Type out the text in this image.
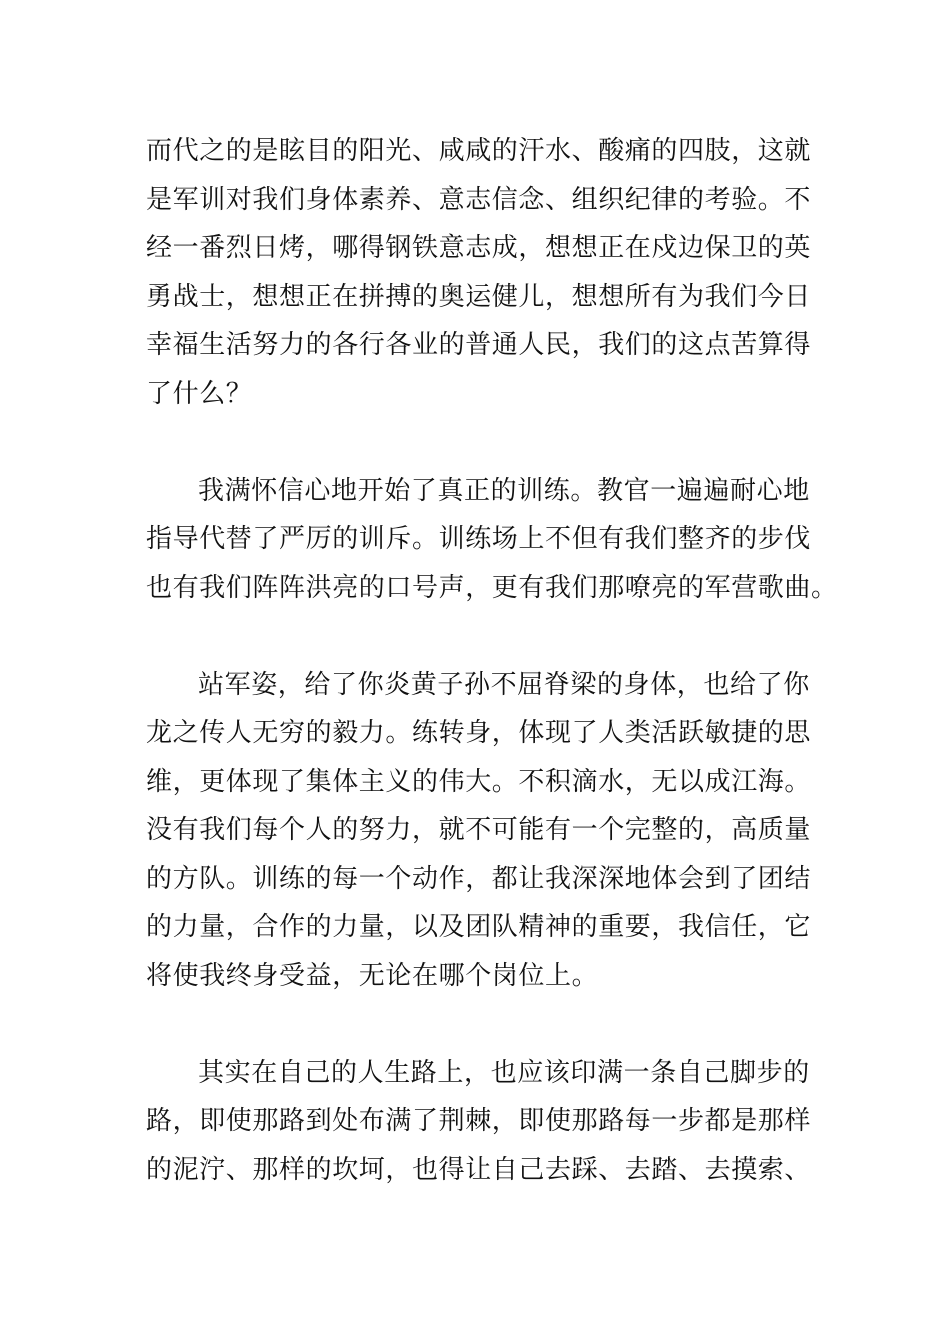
而代之的是眩目的阳光、咸咸的汗水、酸痛的四肢，这就
是军训对我们身体素养、意志信念、组织纪律的考验。不
经一番烈日烤，哪得钢铁意志成，想想正在戍边保卫的英
勇战士，想想正在拼搏的奥运健儿，想想所有为我们今日
幸福生活努力的各行各业的普通人民，我们的这点苦算得
了什么？

我满怀信心地开始了真正的训练。教官一遍遍耐心地
指导代替了严厉的训斥。训练场上不但有我们整齐的步伐
也有我们阵阵洪亮的口号声，更有我们那嘹亮的军营歌曲。

站军姿，给了你炎黄子孙不屈脊梁的身体，也给了你
龙之传人无穷的毅力。练转身，体现了人类活跃敏捷的思
维，更体现了集体主义的伟大。不积滴水，无以成江海。
没有我们每个人的努力，就不可能有一个完整的，高质量
的方队。训练的每一个动作，都让我深深地体会到了团结
的力量，合作的力量，以及团队精神的重要，我信任，它
将使我终身受益，无论在哪个岗位上。

其实在自己的人生路上，也应该印满一条自己脚步的
路，即使那路到处布满了荆棘，即使那路每一步都是那样
的泥泞、那样的坎坷，也得让自己去踩、去踏、去摸索、
